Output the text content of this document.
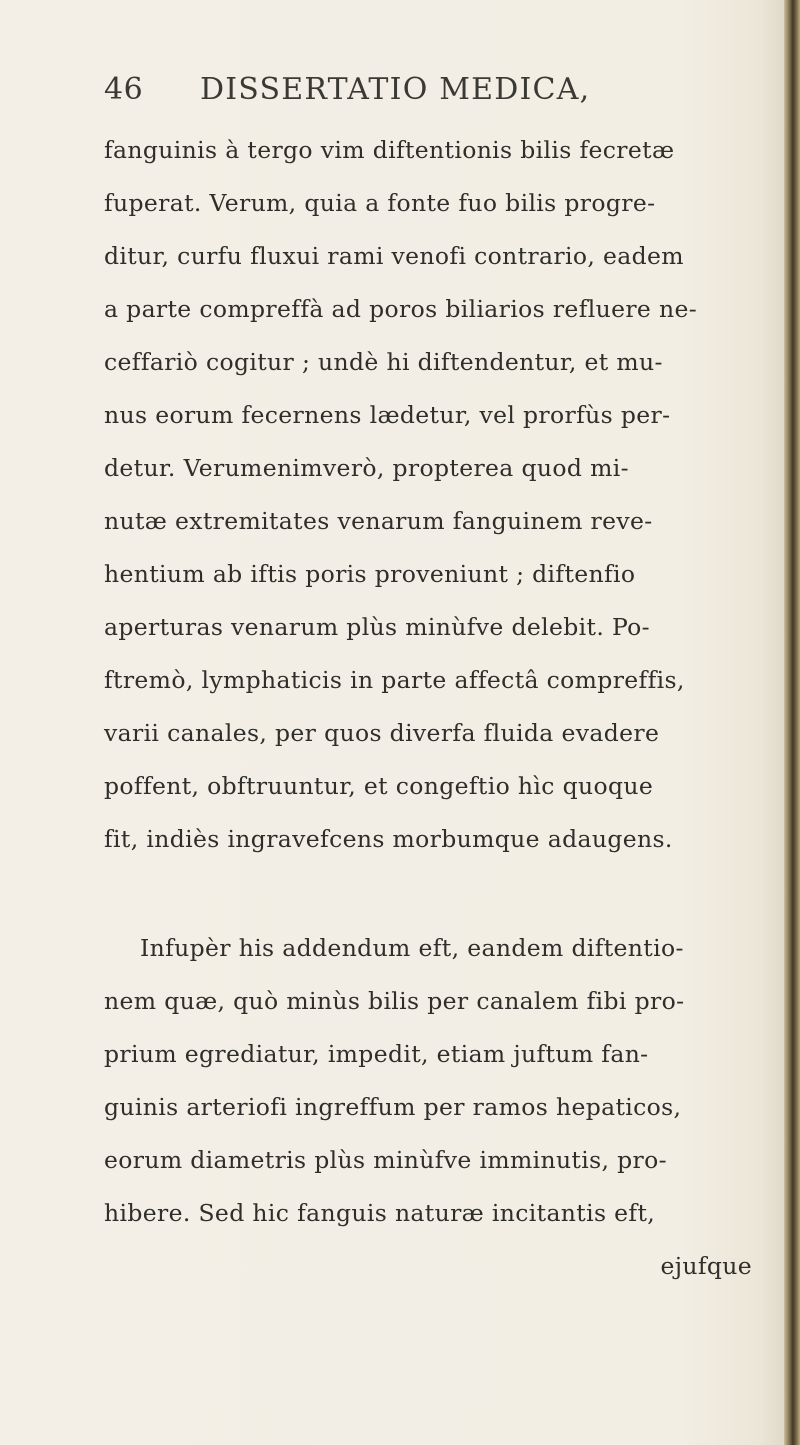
46 DISSERTATIO MEDICA,
fanguinis à tergo vim diftentionis bilis fecretæ
fuperat. Verum, quia a fonte fuo bilis progre-
ditur, curfu fluxui rami venofi contrario, eadem
a parte compreffà ad poros biliarios refluere ne-
ceffariò cogitur ; undè hi diftendentur, et mu-
nus eorum fecernens lædetur, vel prorfùs per-
detur. Verumenimverò, propterea quod mi-
nutæ extremitates venarum fanguinem reve-
hentium ab iftis poris proveniunt ; diftenfio
aperturas venarum plùs minùfve delebit. Po-
ftremò, lymphaticis in parte affectâ compreffis,
varii canales, per quos diverfa fluida evadere
poffent, obftruuntur, et congeftio hìc quoque
fit, indiès ingravefcens morbumque adaugens.
Infupèr his addendum eft, eandem diftentio-
nem quæ, quò minùs bilis per canalem fibi pro-
prium egrediatur, impedit, etiam juftum fan-
guinis arteriofi ingreffum per ramos hepaticos,
eorum diametris plùs minùfve imminutis, pro-
hibere. Sed hic fanguis naturæ incitantis eft,
ejufque
